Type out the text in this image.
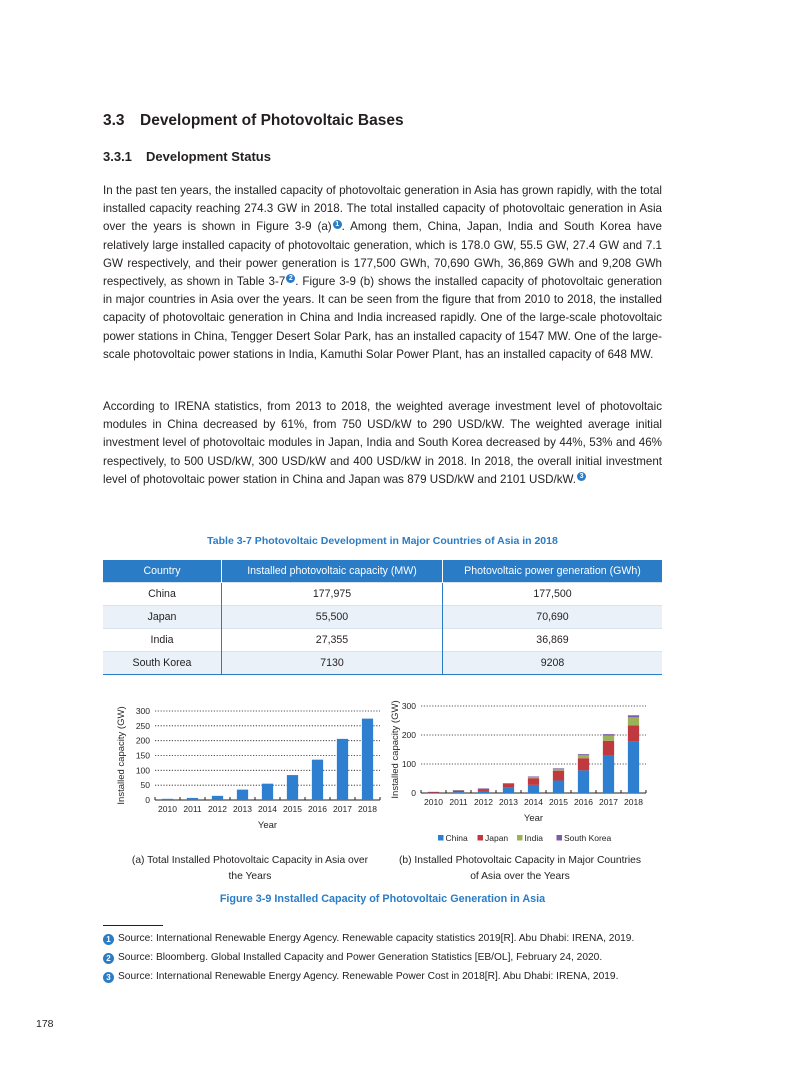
3.3 Development of Photovoltaic Bases
3.3.1 Development Status
In the past ten years, the installed capacity of photovoltaic generation in Asia has grown rapidly, with the total installed capacity reaching 274.3 GW in 2018. The total installed capacity of photovoltaic generation in Asia over the years is shown in Figure 3-9 (a) 1 . Among them, China, Japan, India and South Korea have relatively large installed capacity of photovoltaic generation, which is 178.0 GW, 55.5 GW, 27.4 GW and 7.1 GW respectively, and their power generation is 177,500 GWh, 70,690 GWh, 36,869 GWh and 9,208 GWh respectively, as shown in Table 3-7 2 . Figure 3-9 (b) shows the installed capacity of photovoltaic generation in major countries in Asia over the years. It can be seen from the figure that from 2010 to 2018, the installed capacity of photovoltaic generation in China and India increased rapidly. One of the large-scale photovoltaic power stations in China, Tengger Desert Solar Park, has an installed capacity of 1547 MW. One of the large-scale photovoltaic power stations in India, Kamuthi Solar Power Plant, has an installed capacity of 648 MW.
According to IRENA statistics, from 2013 to 2018, the weighted average investment level of photovoltaic modules in China decreased by 61%, from 750 USD/kW to 290 USD/kW. The weighted average initial investment level of photovoltaic modules in Japan, India and South Korea decreased by 44%, 53% and 46% respectively, to 500 USD/kW, 300 USD/kW and 400 USD/kW in 2018. In 2018, the overall initial investment level of photovoltaic power station in China and Japan was 879 USD/kW and 2101 USD/kW. 3
Table 3-7 Photovoltaic Development in Major Countries of Asia in 2018
Country	Installed photovoltaic capacity (MW)	Photovoltaic power generation (GWh)
China	177,975	177,500
Japan	55,500	70,690
India	27,355	36,869
South Korea	7130	9208
Installed capacity (GW) 0
50
100
150
200
250
300
2010 2011 2012 2013 2014 2015 2016 2017 2018
Year
Installed capacity (GW) 0
100
200
300
2010 2011 2012 2013 2014 2015 2016 2017 2018
Year
China Japan India South Korea
(a) Total Installed Photovoltaic Capacity in Asia over
the Years
(b) Installed Photovoltaic Capacity in Major Countries
of Asia over the Years
Figure 3-9 Installed Capacity of Photovoltaic Generation in Asia
1 Source: International Renewable Energy Agency. Renewable capacity statistics 2019[R]. Abu Dhabi: IRENA, 2019.
2 Source: Bloomberg. Global Installed Capacity and Power Generation Statistics [EB/OL], February 24, 2020.
3 Source: International Renewable Energy Agency. Renewable Power Cost in 2018[R]. Abu Dhabi: IRENA, 2019.
178
